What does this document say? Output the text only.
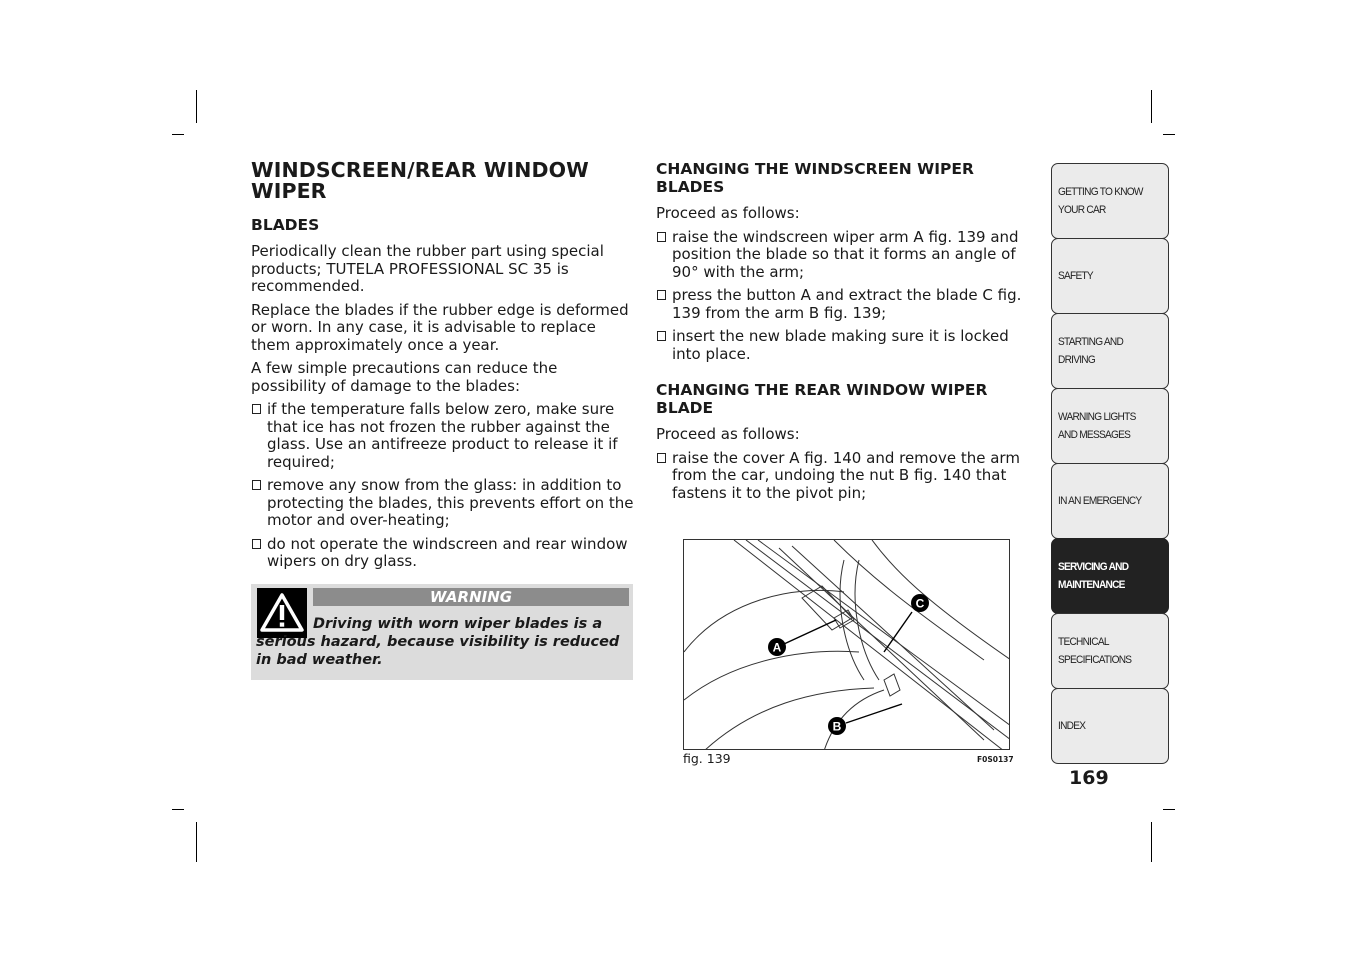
WINDSCREEN/REAR WINDOW WIPER
BLADES

Periodically clean the rubber part using special products; TUTELA PROFESSIONAL SC 35 is recommended.

Replace the blades if the rubber edge is deformed or worn. In any case, it is advisable to replace them approximately once a year.

A few simple precautions can reduce the possibility of damage to the blades:

if the temperature falls below zero, make sure that ice has not frozen the rubber against the glass. Use an antifreeze product to release it if required;
remove any snow from the glass: in addition to protecting the blades, this prevents effort on the motor and over-heating;
do not operate the windscreen and rear window wipers on dry glass.
WARNING
Driving with worn wiper blades is a serious hazard, because visibility is reduced in bad weather.
CHANGING THE WINDSCREEN WIPER BLADES

Proceed as follows:

raise the windscreen wiper arm A fig. 139 and position the blade so that it forms an angle of 90° with the arm;
press the button A and extract the blade C fig. 139 from the arm B fig. 139;
insert the new blade making sure it is locked into place.
CHANGING THE REAR WINDOW WIPER BLADE

Proceed as follows:

raise the cover A fig. 140 and remove the arm from the car, undoing the nut B fig. 140 that fastens it to the pivot pin;
A
B
C
fig. 139	F0S0137
GETTING TO KNOW
YOUR CAR
SAFETY
STARTING AND
DRIVING
WARNING LIGHTS
AND MESSAGES
IN AN EMERGENCY
SERVICING AND
MAINTENANCE
TECHNICAL
SPECIFICATIONS
INDEX
169
